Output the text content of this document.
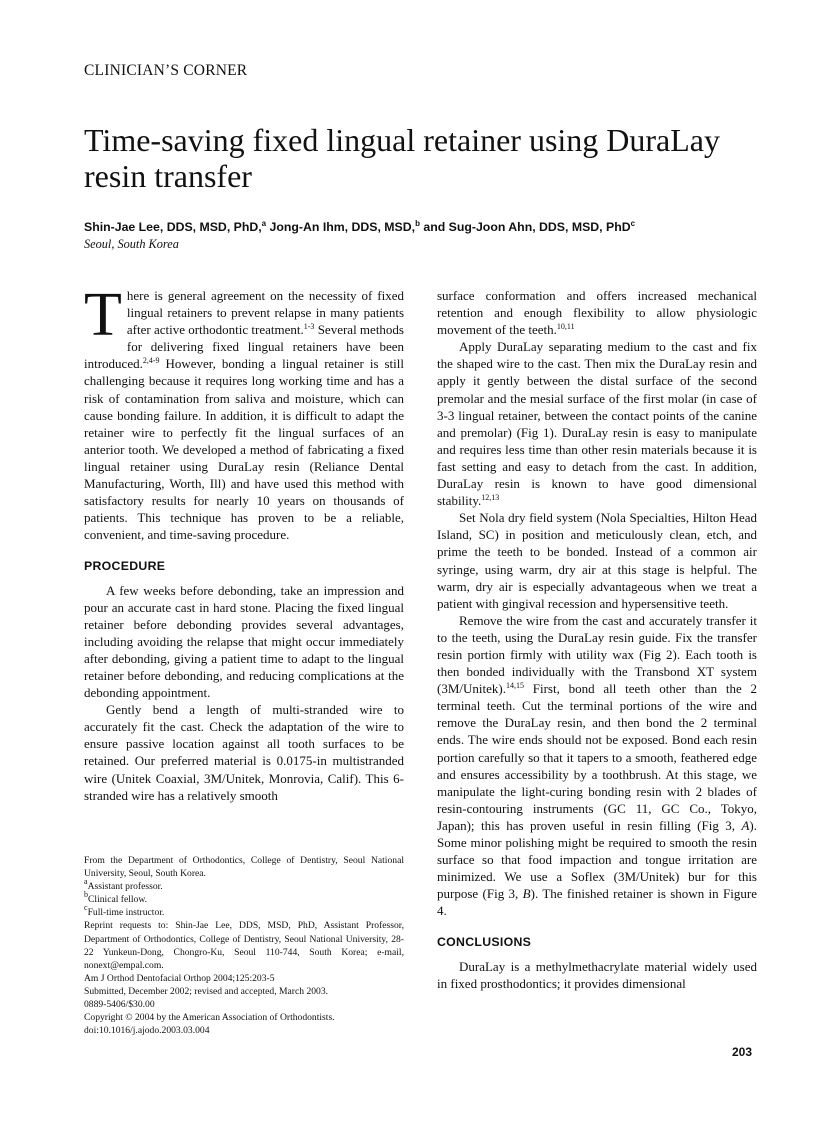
CLINICIAN’S CORNER
Time-saving fixed lingual retainer using DuraLay resin transfer
Shin-Jae Lee, DDS, MSD, PhD,$^a$ Jong-An Ihm, DDS, MSD,$^b$ and Sug-Joon Ahn, DDS, MSD, PhD$^c$
Seoul, South Korea

There is general agreement on the necessity of fixed lingual retainers to prevent relapse in many patients after active orthodontic treatment.$^{1-3}$ Several methods for delivering fixed lingual retainers have been introduced.$^{2,4-9}$ However, bonding a lingual retainer is still challenging because it requires long working time and has a risk of contamination from saliva and moisture, which can cause bonding failure. In addition, it is difficult to adapt the retainer wire to perfectly fit the lingual surfaces of an anterior tooth. We developed a method of fabricating a fixed lingual retainer using DuraLay resin (Reliance Dental Manufacturing, Worth, Ill) and have used this method with satisfactory results for nearly 10 years on thousands of patients. This technique has proven to be a reliable, convenient, and time-saving procedure.

PROCEDURE

A few weeks before debonding, take an impression and pour an accurate cast in hard stone. Placing the fixed lingual retainer before debonding provides several advantages, including avoiding the relapse that might occur immediately after debonding, giving a patient time to adapt to the lingual retainer before debonding, and reducing complications at the debonding appointment.

Gently bend a length of multi-stranded wire to accurately fit the cast. Check the adaptation of the wire to ensure passive location against all tooth surfaces to be retained. Our preferred material is 0.0175-in multistranded wire (Unitek Coaxial, 3M/Unitek, Monrovia, Calif). This 6-stranded wire has a relatively smooth

surface conformation and offers increased mechanical retention and enough flexibility to allow physiologic movement of the teeth.$^{10,11}$

Apply DuraLay separating medium to the cast and fix the shaped wire to the cast. Then mix the DuraLay resin and apply it gently between the distal surface of the second premolar and the mesial surface of the first molar (in case of 3-3 lingual retainer, between the contact points of the canine and premolar) (Fig 1). DuraLay resin is easy to manipulate and requires less time than other resin materials because it is fast setting and easy to detach from the cast. In addition, DuraLay resin is known to have good dimensional stability.$^{12,13}$

Set Nola dry field system (Nola Specialties, Hilton Head Island, SC) in position and meticulously clean, etch, and prime the teeth to be bonded. Instead of a common air syringe, using warm, dry air at this stage is helpful. The warm, dry air is especially advantageous when we treat a patient with gingival recession and hypersensitive teeth.

Remove the wire from the cast and accurately transfer it to the teeth, using the DuraLay resin guide. Fix the transfer resin portion firmly with utility wax (Fig 2). Each tooth is then bonded individually with the Transbond XT system (3M/Unitek).$^{14,15}$ First, bond all teeth other than the 2 terminal teeth. Cut the terminal portions of the wire and remove the DuraLay resin, and then bond the 2 terminal ends. The wire ends should not be exposed. Bond each resin portion carefully so that it tapers to a smooth, feathered edge and ensures accessibility by a toothbrush. At this stage, we manipulate the light-curing bonding resin with 2 blades of resin-contouring instruments (GC 11, GC Co., Tokyo, Japan); this has proven useful in resin filling (Fig 3, A). Some minor polishing might be required to smooth the resin surface so that food impaction and tongue irritation are minimized. We use a Soflex (3M/Unitek) bur for this purpose (Fig 3, B). The finished retainer is shown in Figure 4.

CONCLUSIONS

DuraLay is a methylmethacrylate material widely used in fixed prosthodontics; it provides dimensional

From the Department of Orthodontics, College of Dentistry, Seoul National University, Seoul, South Korea.
$^a$Assistant professor.
$^b$Clinical fellow.
$^c$Full-time instructor.
Reprint requests to: Shin-Jae Lee, DDS, MSD, PhD, Assistant Professor, Department of Orthodontics, College of Dentistry, Seoul National University, 28-22 Yunkeun-Dong, Chongro-Ku, Seoul 110-744, South Korea; e-mail, nonext@empal.com.
Am J Orthod Dentofacial Orthop 2004;125:203-5
Submitted, December 2002; revised and accepted, March 2003.
0889-5406/$30.00
Copyright © 2004 by the American Association of Orthodontists.
doi:10.1016/j.ajodo.2003.03.004
203
